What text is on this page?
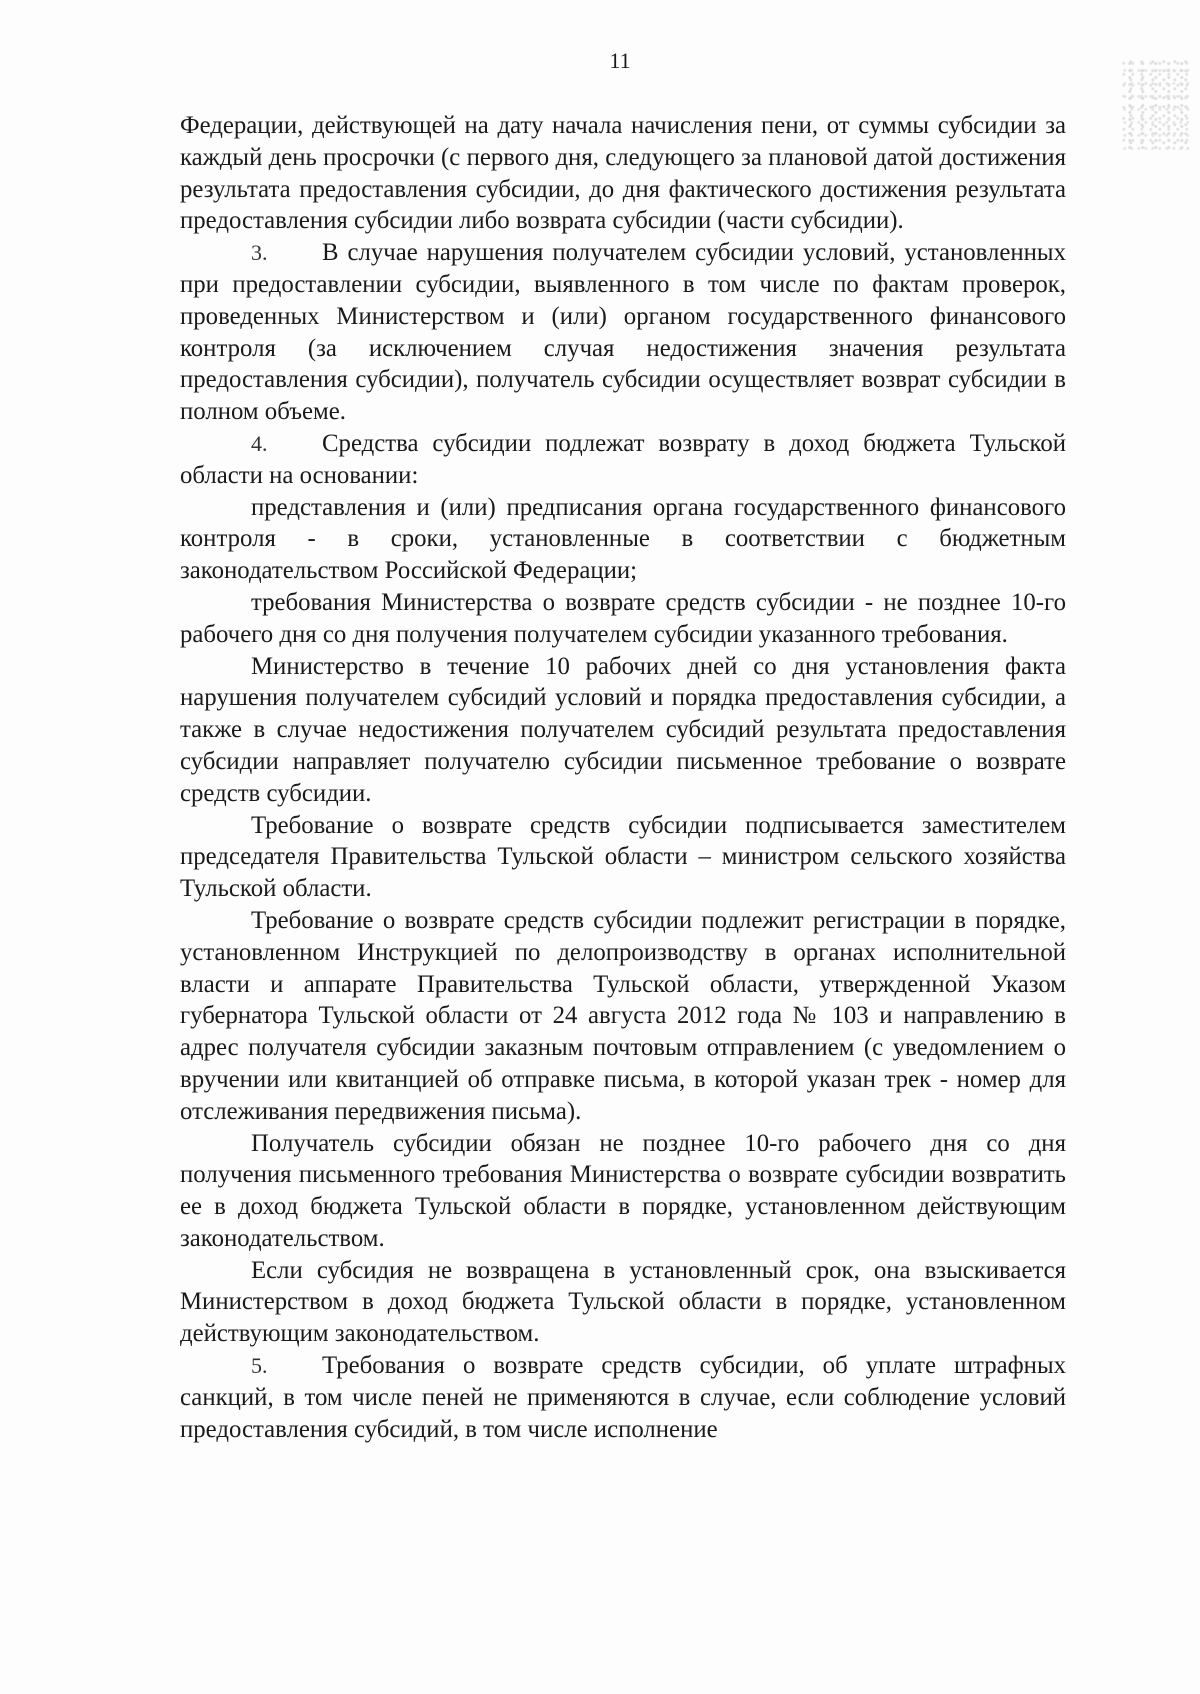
11

Федерации, действующей на дату начала начисления пени, от суммы субсидии за каждый день просрочки (с первого дня, следующего за плановой датой достижения результата предоставления субсидии, до дня фактического достижения результата предоставления субсидии либо возврата субсидии (части субсидии).

3. В случае нарушения получателем субсидии условий, установленных при предоставлении субсидии, выявленного в том числе по фактам проверок, проведенных Министерством и (или) органом государственного финансового контроля (за исключением случая недостижения значения результата предоставления субсидии), получатель субсидии осуществляет возврат субсидии в полном объеме.

4. Средства субсидии подлежат возврату в доход бюджета Тульской области на основании:

представления и (или) предписания органа государственного финансового контроля - в сроки, установленные в соответствии с бюджетным законодательством Российской Федерации;

требования Министерства о возврате средств субсидии - не позднее 10-го рабочего дня со дня получения получателем субсидии указанного требования.

Министерство в течение 10 рабочих дней со дня установления факта нарушения получателем субсидий условий и порядка предоставления субсидии, а также в случае недостижения получателем субсидий результата предоставления субсидии направляет получателю субсидии письменное требование о возврате средств субсидии.

Требование о возврате средств субсидии подписывается заместителем председателя Правительства Тульской области – министром сельского хозяйства Тульской области.

Требование о возврате средств субсидии подлежит регистрации в порядке, установленном Инструкцией по делопроизводству в органах исполнительной власти и аппарате Правительства Тульской области, утвержденной Указом губернатора Тульской области от 24 августа 2012 года № 103 и направлению в адрес получателя субсидии заказным почтовым отправлением (с уведомлением о вручении или квитанцией об отправке письма, в которой указан трек - номер для отслеживания передвижения письма).

Получатель субсидии обязан не позднее 10-го рабочего дня со дня получения письменного требования Министерства о возврате субсидии возвратить ее в доход бюджета Тульской области в порядке, установленном действующим законодательством.

Если субсидия не возвращена в установленный срок, она взыскивается Министерством в доход бюджета Тульской области в порядке, установленном действующим законодательством.

5. Требования о возврате средств субсидии, об уплате штрафных санкций, в том числе пеней не применяются в случае, если соблюдение условий предоставления субсидий, в том числе исполнение
